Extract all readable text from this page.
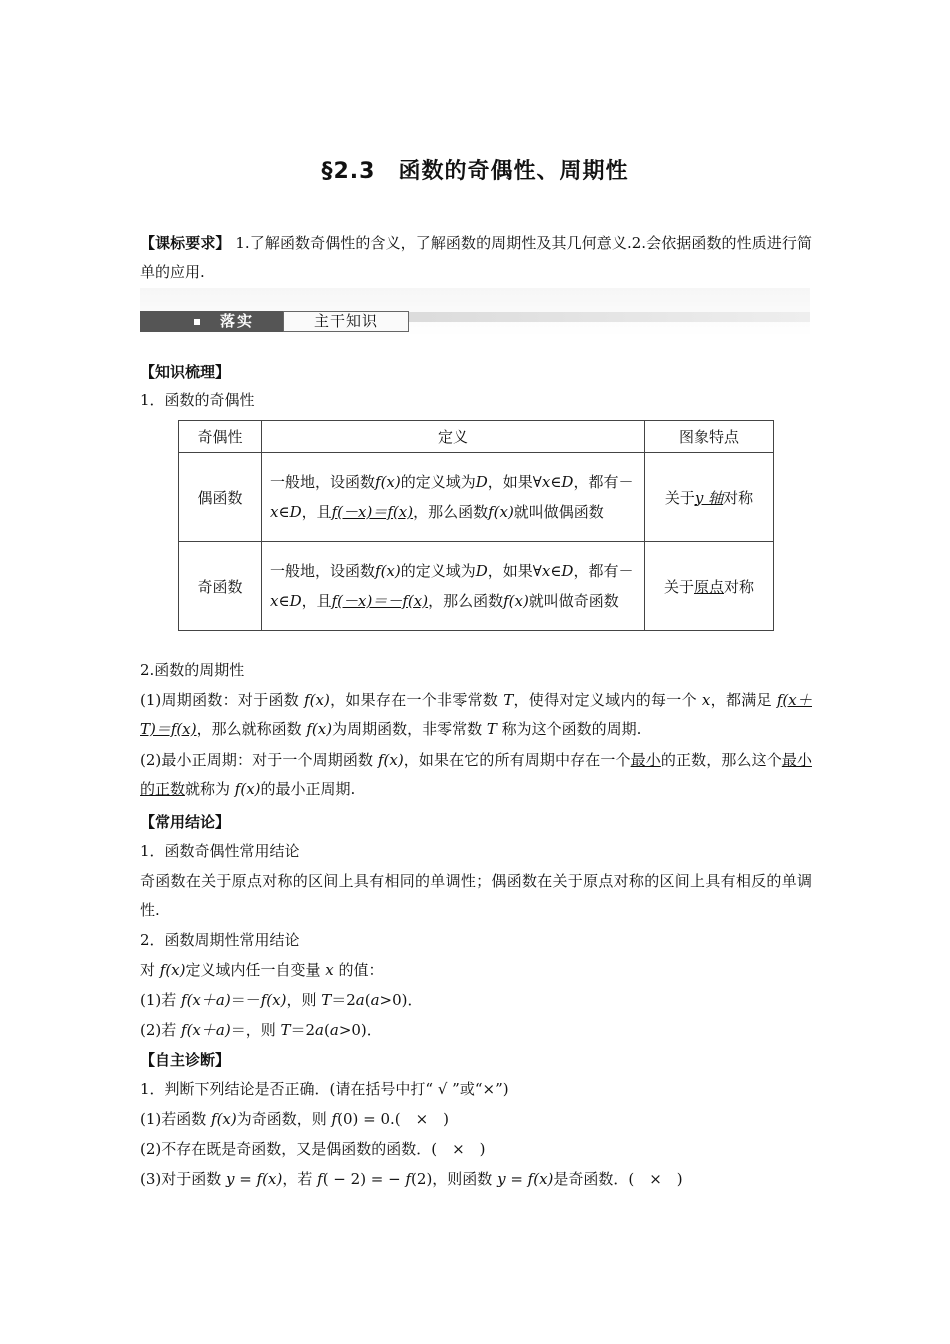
§2.3　函数的奇偶性、周期性
【课标要求】 1.了解函数奇偶性的含义，了解函数的周期性及其几何意义.2.会依据函数的性质进行简单的应用.
落实	主干知识
【知识梳理】
1．函数的奇偶性
奇偶性	定义	图象特点
偶函数	一般地，设函数f(x)的定义域为D，如果∀x∈D，都有－x∈D，且f(－x)＝f(x)，那么函数f(x)就叫做偶函数	关于y 轴对称
奇函数	一般地，设函数f(x)的定义域为D，如果∀x∈D，都有－x∈D，且f(－x)＝－f(x)，那么函数f(x)就叫做奇函数	关于原点对称
2.函数的周期性
(1)周期函数：对于函数 f(x)，如果存在一个非零常数 T，使得对定义域内的每一个 x，都满足 f(x＋T)＝f(x)，那么就称函数 f(x)为周期函数，非零常数 T 称为这个函数的周期.
(2)最小正周期：对于一个周期函数 f(x)，如果在它的所有周期中存在一个最小的正数，那么这个最小的正数就称为 f(x)的最小正周期.
【常用结论】
1．函数奇偶性常用结论
奇函数在关于原点对称的区间上具有相同的单调性；偶函数在关于原点对称的区间上具有相反的单调性.
2．函数周期性常用结论
对 f(x)定义域内任一自变量 x 的值：
(1)若 f(x＋a)＝－f(x)，则 T＝2a(a>0)．
(2)若 f(x＋a)＝，则 T＝2a(a>0)．
【自主诊断】
1．判断下列结论是否正确．(请在括号中打“ √ ”或“×”)
(1)若函数 f(x)为奇函数，则 f(0) = 0.(　×　)
(2)不存在既是奇函数，又是偶函数的函数．(　×　)
(3)对于函数 y = f(x)，若 f( − 2) = − f(2)，则函数 y = f(x)是奇函数．(　×　)
